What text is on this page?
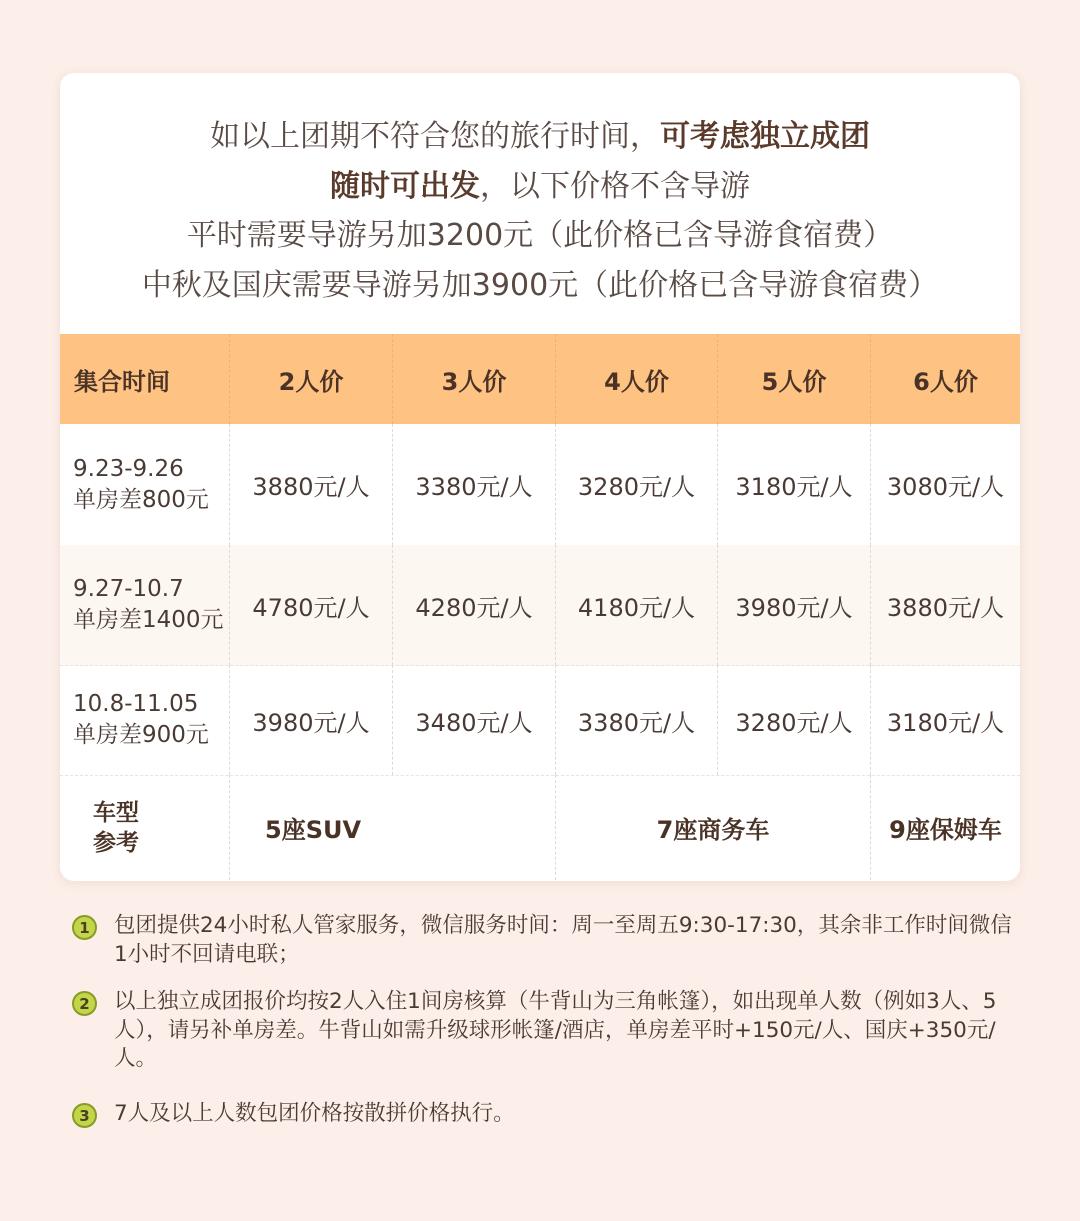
如以上团期不符合您的旅行时间，可考虑独立成团
随时可出发，以下价格不含导游
平时需要导游另加3200元（此价格已含导游食宿费）
中秋及国庆需要导游另加3900元（此价格已含导游食宿费）
集合时间	2人价	3人价	4人价	5人价	6人价
9.23-9.26
单房差800元	3880元/人	3380元/人	3280元/人	3180元/人	3080元/人
9.27-10.7
单房差1400元	4780元/人	4280元/人	4180元/人	3980元/人	3880元/人
10.8-11.05
单房差900元	3980元/人	3480元/人	3380元/人	3280元/人	3180元/人
车型
参考	5座SUV	7座商务车	9座保姆车
1	包团提供24小时私人管家服务，微信服务时间：周一至周五9:30-17:30，其余非工作时间微信1小时不回请电联；
2	以上独立成团报价均按2人入住1间房核算（牛背山为三角帐篷），如出现单人数（例如3人、5人），请另补单房差。牛背山如需升级球形帐篷/酒店，单房差平时+150元/人、国庆+350元/人。
3	7人及以上人数包团价格按散拼价格执行。
